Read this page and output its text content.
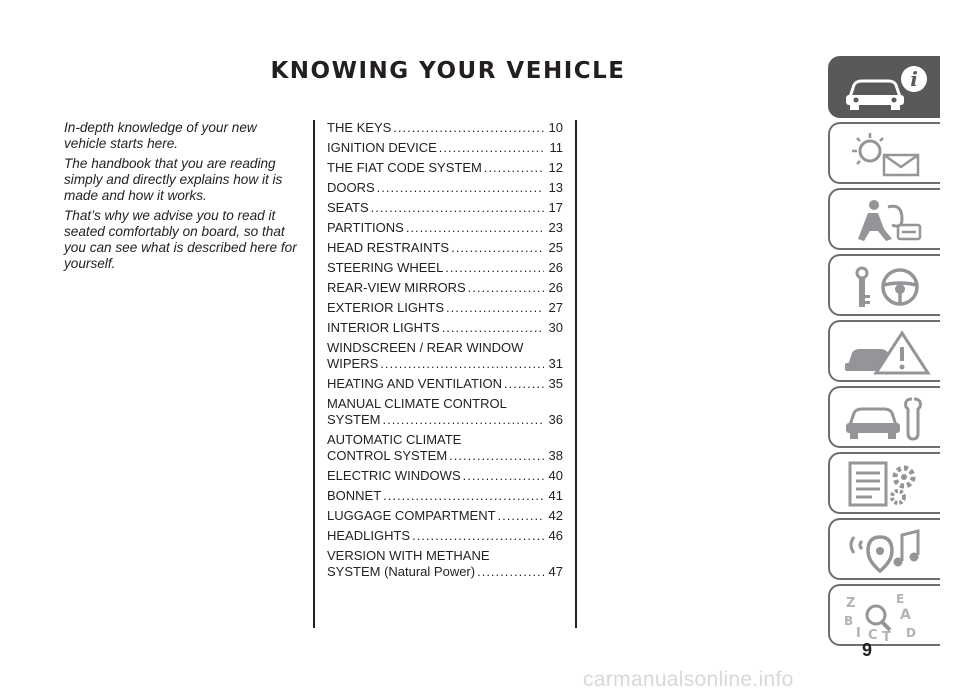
KNOWING YOUR VEHICLE

In-depth knowledge of your new vehicle starts here.

The handbook that you are reading simply and directly explains how it is made and how it works.

That’s why we advise you to read it seated comfortably on board, so that you can see what is described here for yourself.

THE KEYS .....	10
IGNITION DEVICE .....	11
THE FIAT CODE SYSTEM .....	12
DOORS .....	13
SEATS .....	17
PARTITIONS .....	23
HEAD RESTRAINTS .....	25
STEERING WHEEL .....	26
REAR-VIEW MIRRORS .....	26
EXTERIOR LIGHTS .....	27
INTERIOR LIGHTS .....	30
WINDSCREEN / REAR WINDOW
WIPERS .....	31
HEATING AND VENTILATION .....	35
MANUAL CLIMATE CONTROL
SYSTEM .....	36
AUTOMATIC CLIMATE
CONTROL SYSTEM .....	38
ELECTRIC WINDOWS .....	40
BONNET .....	41
LUGGAGE COMPARTMENT .....	42
HEADLIGHTS .....	46
VERSION WITH METHANE
SYSTEM (Natural Power) .....	47
i
Z	E
A
B
I C T D
9
carmanualsonline.info
